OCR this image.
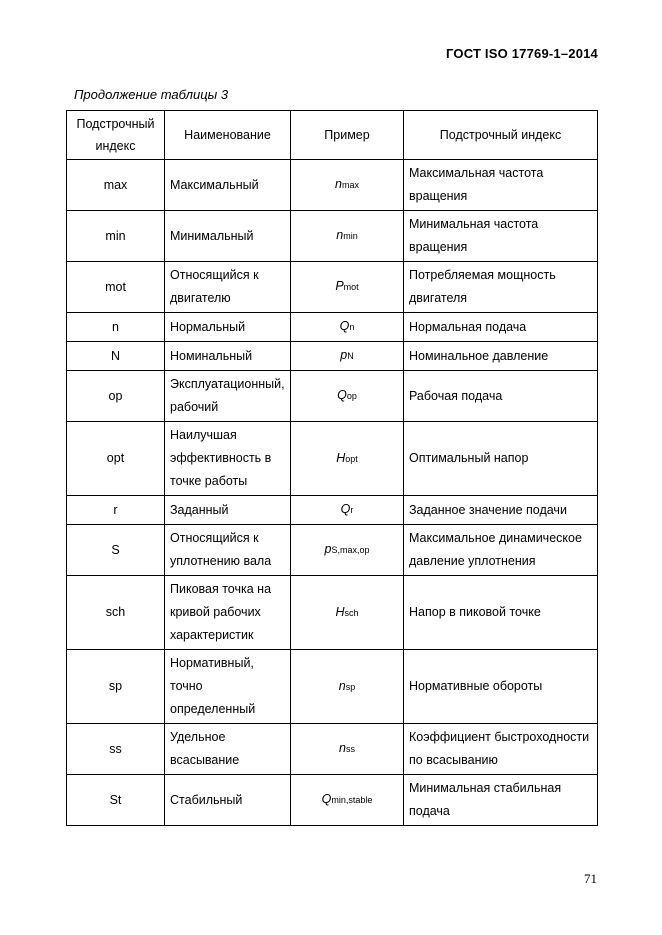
ГОСТ ISO 17769-1–2014
Продолжение таблицы 3
Подстрочный индекс	Наименование	Пример	Подстрочный индекс
max	Максимальный	nmax	Максимальная частота вращения
min	Минимальный	nmin	Минимальная частота вращения
mot	Относящийся к двигателю	Pmot	Потребляемая мощность двигателя
n	Нормальный	Qn	Нормальная подача
N	Номинальный	pN	Номинальное давление
op	Эксплуатационный, рабочий	Qop	Рабочая подача
opt	Наилучшая эффективность в точке работы	Hopt	Оптимальный напор
r	Заданный	Qr	Заданное значение подачи
S	Относящийся к уплотнению вала	pS,max,op	Максимальное динамическое давление уплотнения
sch	Пиковая точка на кривой рабочих характеристик	Hsch	Напор в пиковой точке
sp	Нормативный, точно определенный	nsp	Нормативные обороты
ss	Удельное всасывание	nss	Коэффициент быстроходности по всасыванию
St	Стабильный	Qmin,stable	Минимальная стабильная подача
71
